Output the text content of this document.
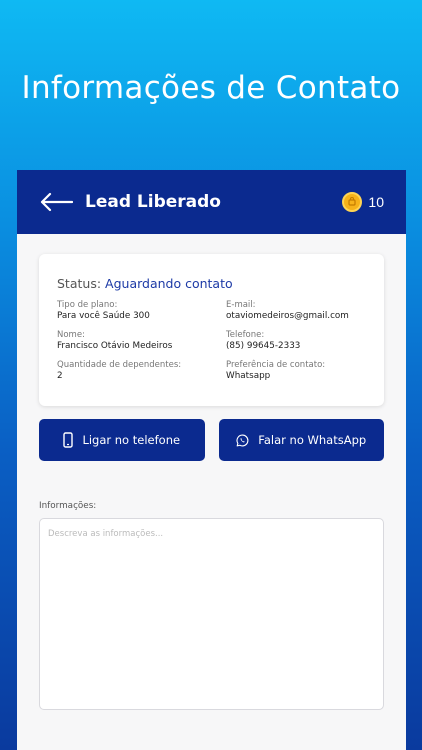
Informações de Contato
Lead Liberado	10
Status: Aguardando contato
Tipo de plano:
Para você Saúde 300
E-mail:
otaviomedeiros@gmail.com
Nome:
Francisco Otávio Medeiros
Telefone:
(85) 99645-2333
Quantidade de dependentes:
2
Preferência de contato:
Whatsapp
Ligar no telefone	Falar no WhatsApp
Informações:
Descreva as informações...
